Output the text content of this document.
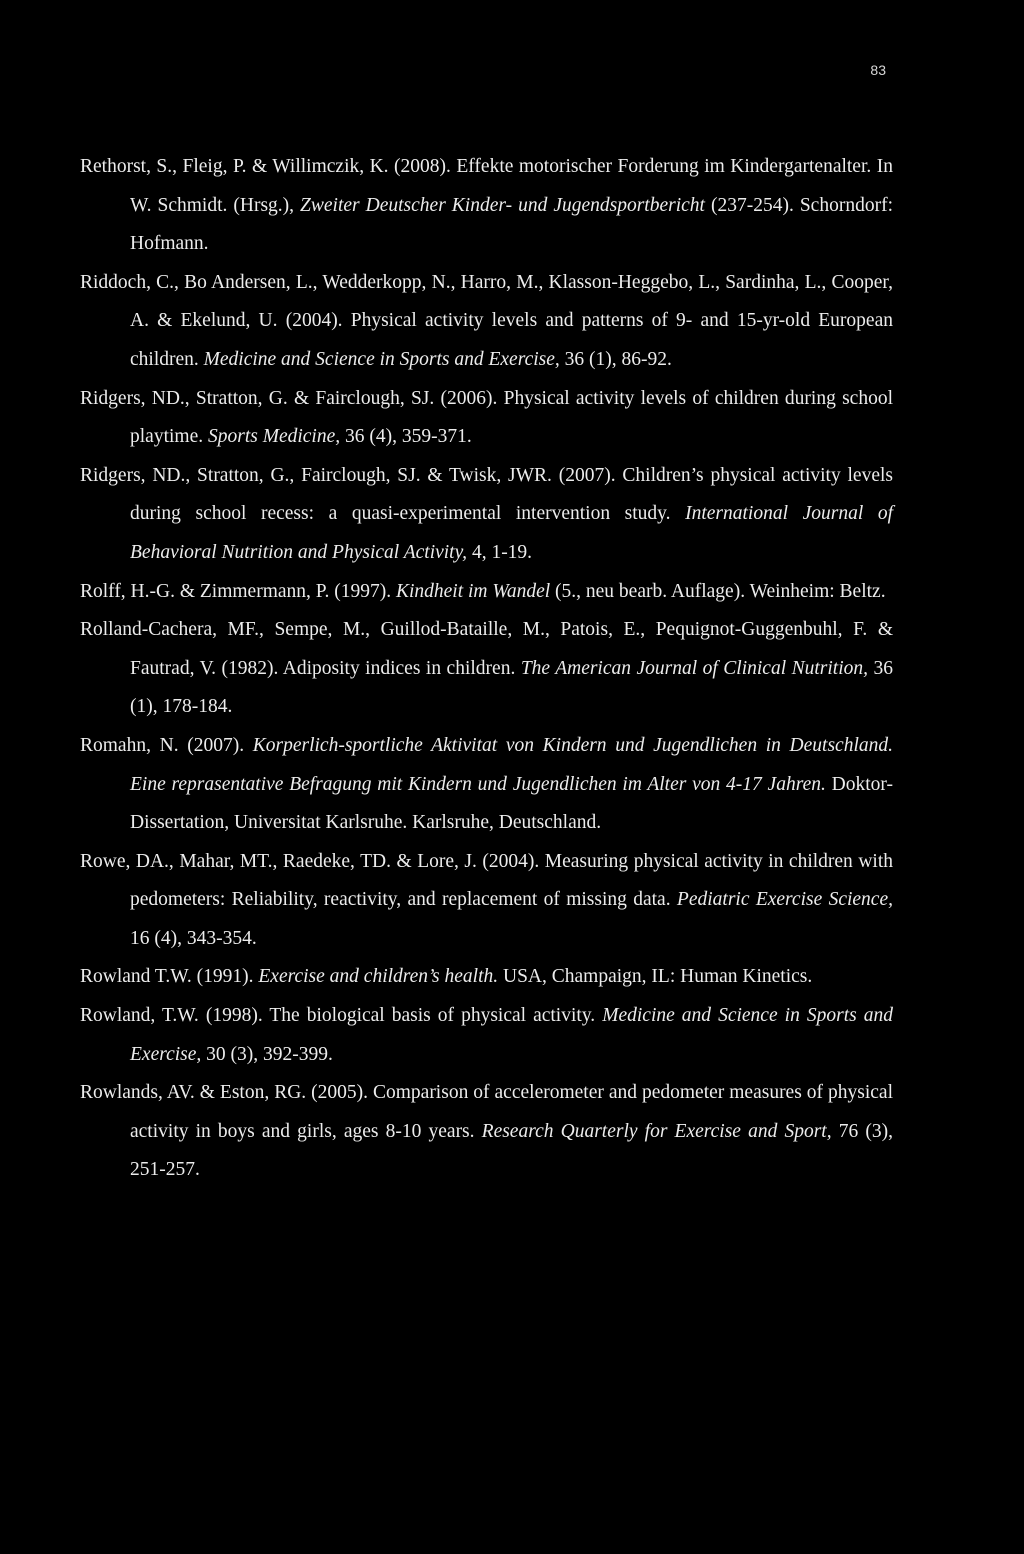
83
Rethorst, S., Fleig, P. & Willimczik, K. (2008). Effekte motorischer Forderung im Kindergartenalter. In W. Schmidt. (Hrsg.), Zweiter Deutscher Kinder- und Jugendsportbericht (237-254). Schorndorf: Hofmann.
Riddoch, C., Bo Andersen, L., Wedderkopp, N., Harro, M., Klasson-Heggebo, L., Sardinha, L., Cooper, A. & Ekelund, U. (2004). Physical activity levels and patterns of 9- and 15-yr-old European children. Medicine and Science in Sports and Exercise, 36 (1), 86-92.
Ridgers, ND., Stratton, G. & Fairclough, SJ. (2006). Physical activity levels of children during school playtime. Sports Medicine, 36 (4), 359-371.
Ridgers, ND., Stratton, G., Fairclough, SJ. & Twisk, JWR. (2007). Children’s physical activity levels during school recess: a quasi-experimental intervention study. International Journal of Behavioral Nutrition and Physical Activity, 4, 1-19.
Rolff, H.-G. & Zimmermann, P. (1997). Kindheit im Wandel (5., neu bearb. Auflage). Weinheim: Beltz.
Rolland-Cachera, MF., Sempe, M., Guillod-Bataille, M., Patois, E., Pequignot-Guggenbuhl, F. & Fautrad, V. (1982). Adiposity indices in children. The American Journal of Clinical Nutrition, 36 (1), 178-184.
Romahn, N. (2007). Korperlich-sportliche Aktivitat von Kindern und Jugendlichen in Deutschland. Eine reprasentative Befragung mit Kindern und Jugendlichen im Alter von 4-17 Jahren. Doktor-Dissertation, Universitat Karlsruhe. Karlsruhe, Deutschland.
Rowe, DA., Mahar, MT., Raedeke, TD. & Lore, J. (2004). Measuring physical activity in children with pedometers: Reliability, reactivity, and replacement of missing data. Pediatric Exercise Science, 16 (4), 343-354.
Rowland T.W. (1991). Exercise and children’s health. USA, Champaign, IL: Human Kinetics.
Rowland, T.W. (1998). The biological basis of physical activity. Medicine and Science in Sports and Exercise, 30 (3), 392-399.
Rowlands, AV. & Eston, RG. (2005). Comparison of accelerometer and pedometer measures of physical activity in boys and girls, ages 8-10 years. Research Quarterly for Exercise and Sport, 76 (3), 251-257.
